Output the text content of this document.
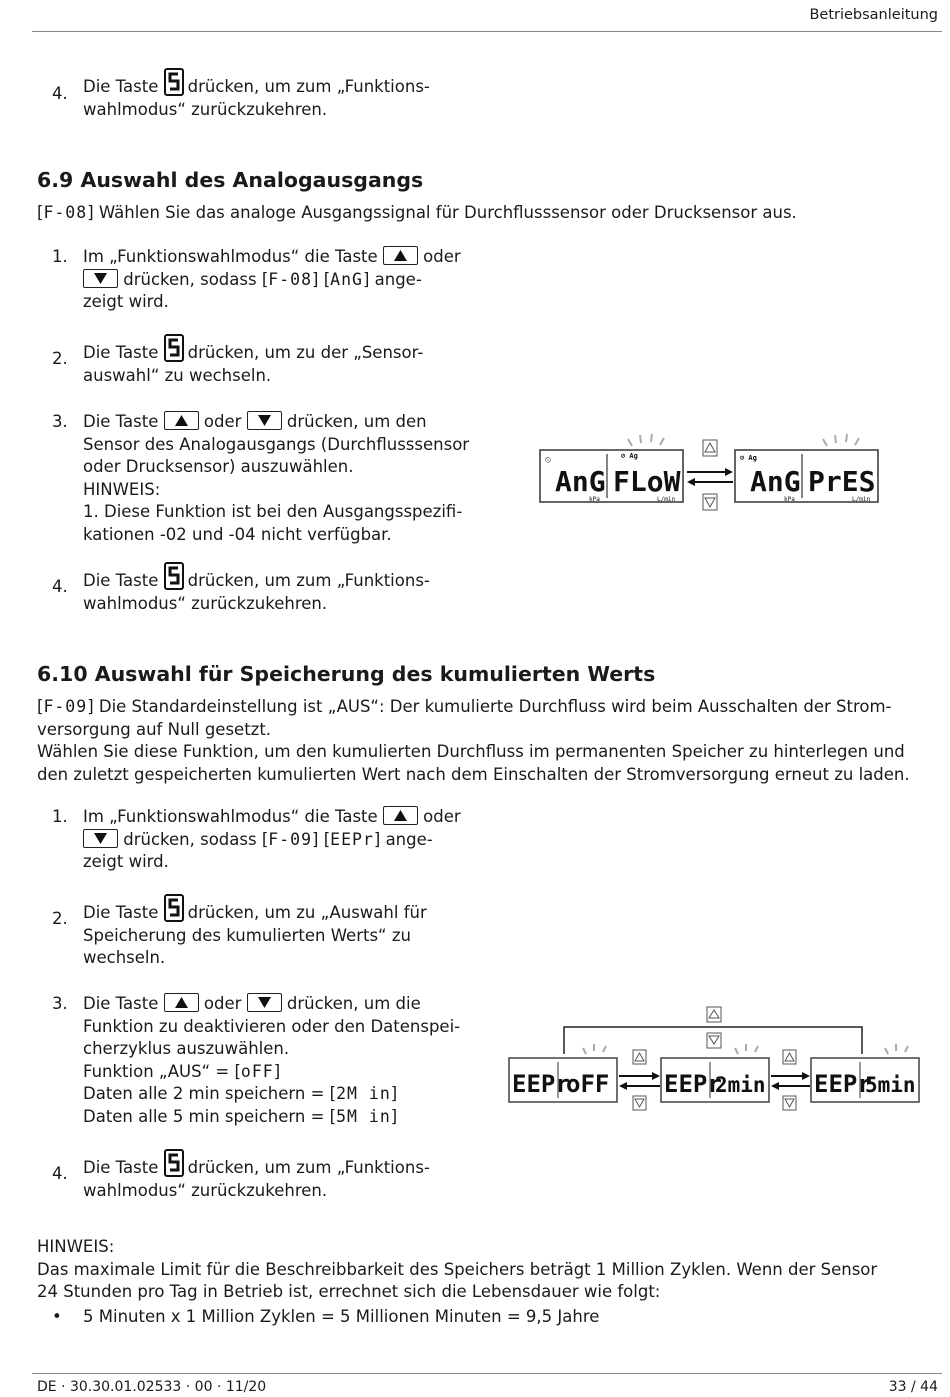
Betriebsanleitung
DE · 30.30.01.02533 · 00 · 11/20	33 / 44
4. Die Taste drücken, um zum „Funktions-
wahlmodus“ zurückzukehren.
6.9 Auswahl des Analogausgangs
[F-08] Wählen Sie das analoge Ausgangssignal für Durchflusssensor oder Drucksensor aus.
1. Im „Funktionswahlmodus“ die Taste	oder
drücken, sodass [F-08] [AnG] ange-
zeigt wird.
2. Die Taste drücken, um zu der „Sensor-
auswahl“ zu wechseln.
3. Die Taste	oder	drücken, um den
Sensor des Analogausgangs (Durchflusssensor
oder Drucksensor) auszuwählen.
HINWEIS:
1. Diese Funktion ist bei den Ausgangsspezifi-
kationen -02 und -04 nicht verfügbar.
⦸	⊘ Ag
AnG FLoW
kPa	L/min
⊘ Ag
AnG PrES
kPa	L/min
4. Die Taste drücken, um zum „Funktions-
wahlmodus“ zurückzukehren.
6.10 Auswahl für Speicherung des kumulierten Werts
[F-09] Die Standardeinstellung ist „AUS“: Der kumulierte Durchfluss wird beim Ausschalten der Strom-
versorgung auf Null gesetzt.
Wählen Sie diese Funktion, um den kumulierten Durchfluss im permanenten Speicher zu hinterlegen und
den zuletzt gespeicherten kumulierten Wert nach dem Einschalten der Stromversorgung erneut zu laden.
1. Im „Funktionswahlmodus“ die Taste	oder
drücken, sodass [F-09] [EEPr] ange-
zeigt wird.
2. Die Taste drücken, um zu „Auswahl für
Speicherung des kumulierten Werts“ zu
wechseln.
3. Die Taste	oder	drücken, um die
Funktion zu deaktivieren oder den Datenspei-
cherzyklus auszuwählen.
Funktion „AUS“ = [oFF]
Daten alle 2 min speichern = [2M in]
Daten alle 5 min speichern = [5M in]
EEPr
oFF EEPr
2min EEPr
5min
4. Die Taste drücken, um zum „Funktions-
wahlmodus“ zurückzukehren.
HINWEIS:
Das maximale Limit für die Beschreibbarkeit des Speichers beträgt 1 Million Zyklen. Wenn der Sensor
24 Stunden pro Tag in Betrieb ist, errechnet sich die Lebensdauer wie folgt:
• 5 Minuten x 1 Million Zyklen = 5 Millionen Minuten = 9,5 Jahre
